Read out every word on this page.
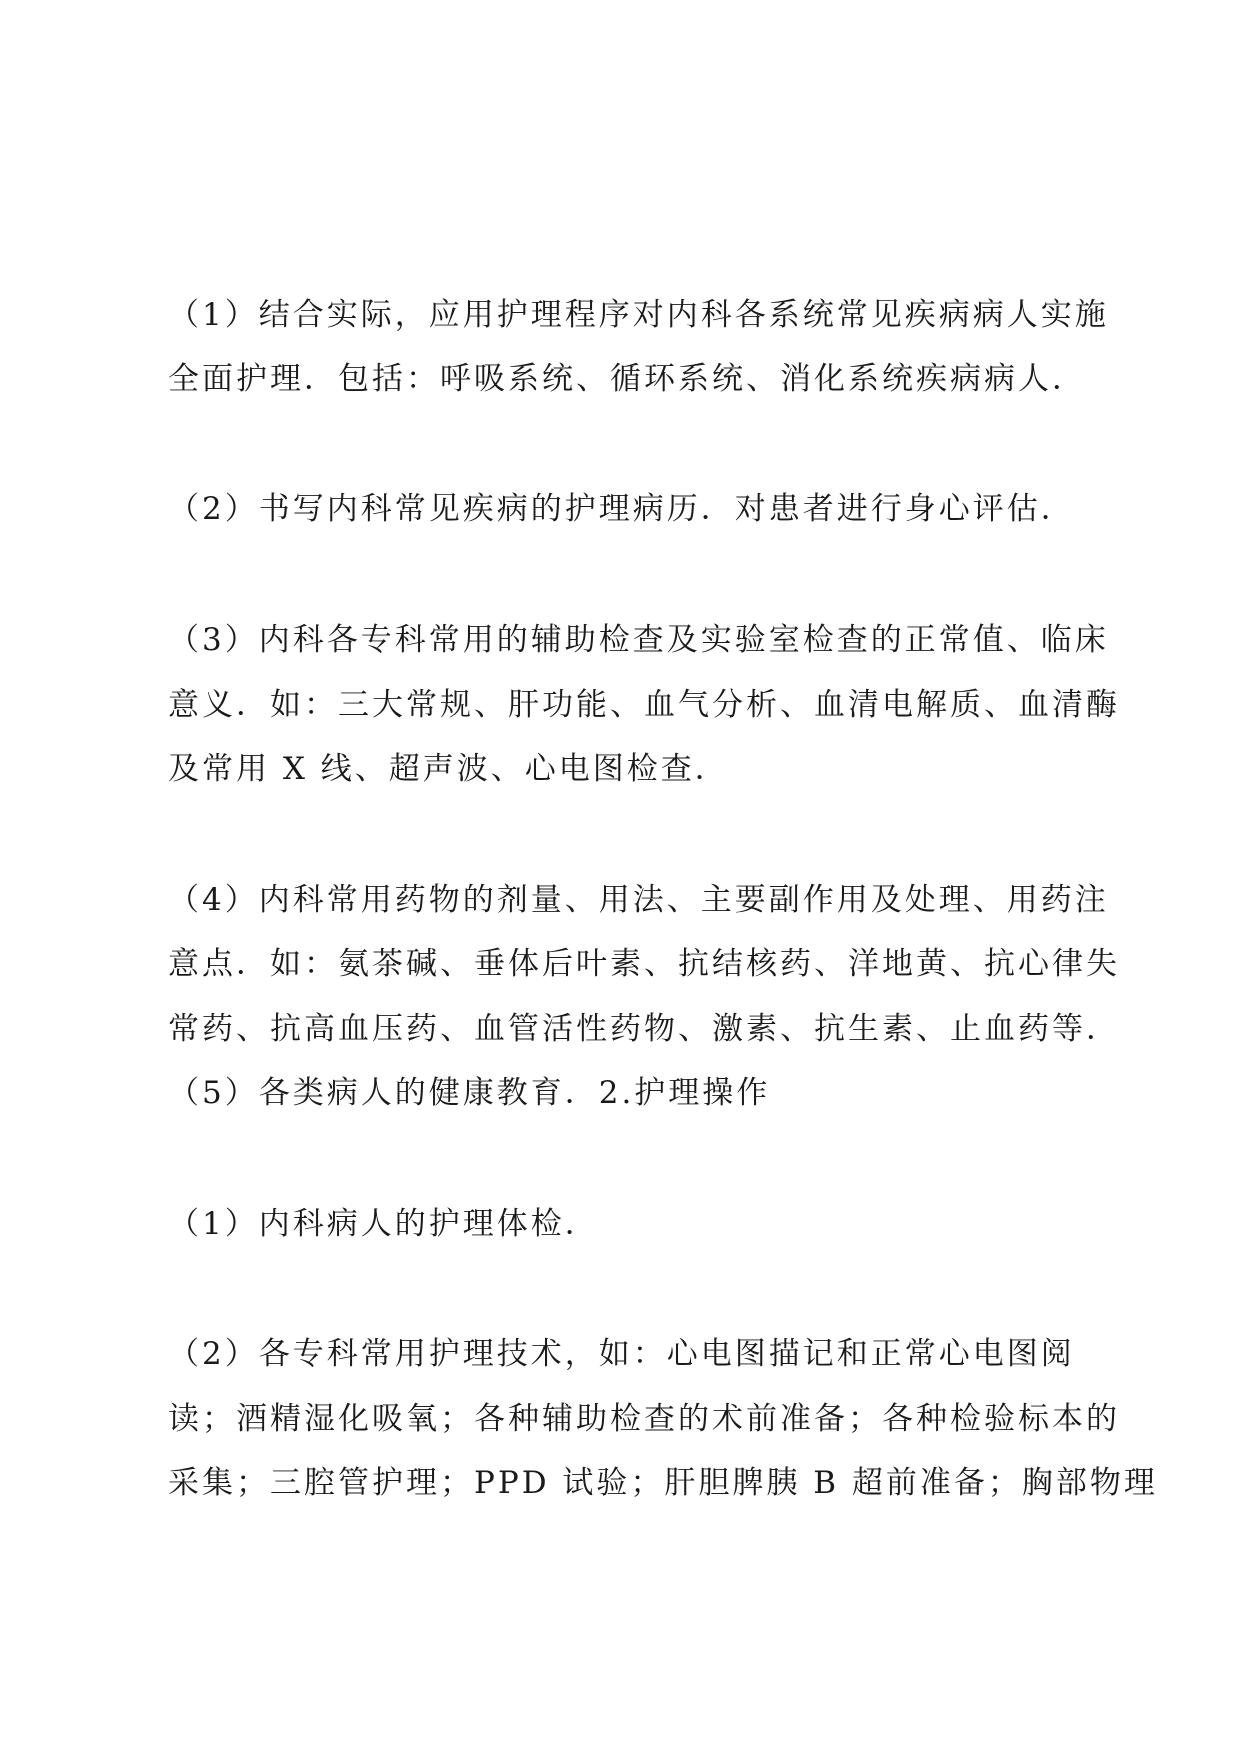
（1）结合实际，应用护理程序对内科各系统常见疾病病人实施
全面护理．包括：呼吸系统、循环系统、消化系统疾病病人．
（2）书写内科常见疾病的护理病历．对患者进行身心评估．
（3）内科各专科常用的辅助检查及实验室检查的正常值、临床
意义．如：三大常规、肝功能、血气分析、血清电解质、血清酶
及常用 X 线、超声波、心电图检查．
（4）内科常用药物的剂量、用法、主要副作用及处理、用药注
意点．如：氨茶碱、垂体后叶素、抗结核药、洋地黄、抗心律失
常药、抗高血压药、血管活性药物、激素、抗生素、止血药等．
（5）各类病人的健康教育．2.护理操作
（1）内科病人的护理体检．
（2）各专科常用护理技术，如：心电图描记和正常心电图阅
读；酒精湿化吸氧；各种辅助检查的术前准备；各种检验标本的
采集；三腔管护理；PPD 试验；肝胆脾胰 B 超前准备；胸部物理
